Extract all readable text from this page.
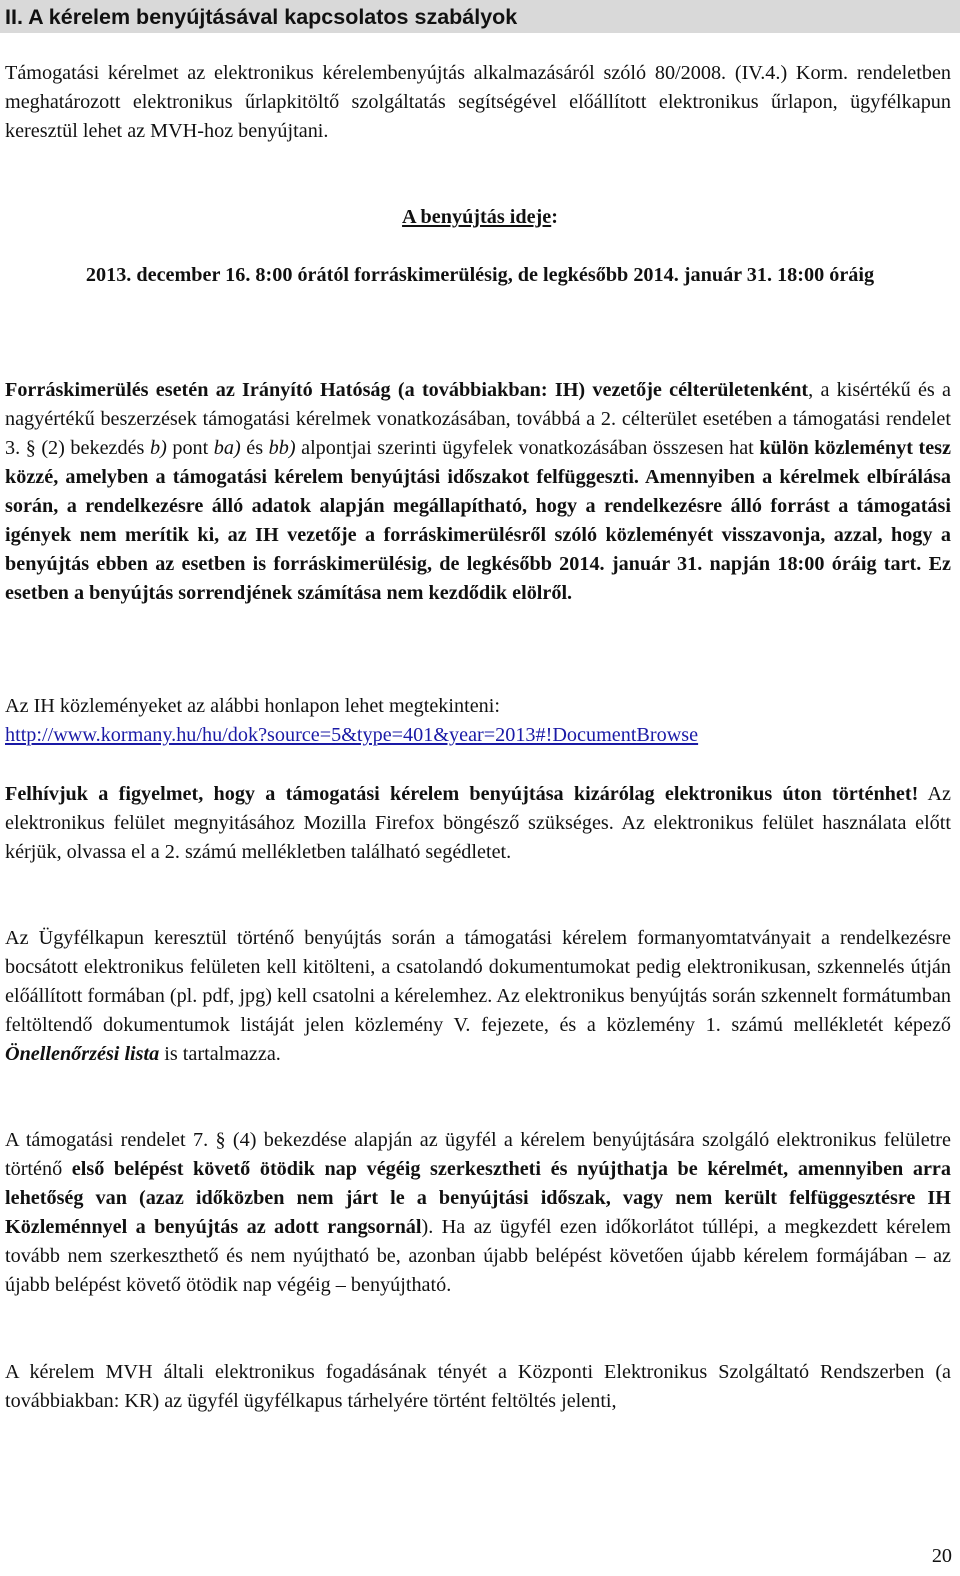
II. A kérelem benyújtásával kapcsolatos szabályok

Támogatási kérelmet az elektronikus kérelembenyújtás alkalmazásáról szóló 80/2008. (IV.4.) Korm. rendeletben meghatározott elektronikus űrlapkitöltő szolgáltatás segítségével előállított elektronikus űrlapon, ügyfélkapun keresztül lehet az MVH-hoz benyújtani.

A benyújtás ideje:

2013. december 16. 8:00 órától forráskimerülésig, de legkésőbb 2014. január 31. 18:00 óráig

Forráskimerülés esetén az Irányító Hatóság (a továbbiakban: IH) vezetője célterületenként, a kisértékű és a nagyértékű beszerzések támogatási kérelmek vonatkozásában, továbbá a 2. célterület esetében a támogatási rendelet 3. § (2) bekezdés b) pont ba) és bb) alpontjai szerinti ügyfelek vonatkozásában összesen hat külön közleményt tesz közzé, amelyben a támogatási kérelem benyújtási időszakot felfüggeszti. Amennyiben a kérelmek elbírálása során, a rendelkezésre álló adatok alapján megállapítható, hogy a rendelkezésre álló forrást a támogatási igények nem merítik ki, az IH vezetője a forráskimerülésről szóló közleményét visszavonja, azzal, hogy a benyújtás ebben az esetben is forráskimerülésig, de legkésőbb 2014. január 31. napján 18:00 óráig tart. Ez esetben a benyújtás sorrendjének számítása nem kezdődik elölről.

Az IH közleményeket az alábbi honlapon lehet megtekinteni:
http://www.kormany.hu/hu/dok?source=5&type=401&year=2013#!DocumentBrowse

Felhívjuk a figyelmet, hogy a támogatási kérelem benyújtása kizárólag elektronikus úton történhet! Az elektronikus felület megnyitásához Mozilla Firefox böngésző szükséges. Az elektronikus felület használata előtt kérjük, olvassa el a 2. számú mellékletben található segédletet.

Az Ügyfélkapun keresztül történő benyújtás során a támogatási kérelem formanyomtatványait a rendelkezésre bocsátott elektronikus felületen kell kitölteni, a csatolandó dokumentumokat pedig elektronikusan, szkennelés útján előállított formában (pl. pdf, jpg) kell csatolni a kérelemhez. Az elektronikus benyújtás során szkennelt formátumban feltöltendő dokumentumok listáját jelen közlemény V. fejezete, és a közlemény 1. számú mellékletét képező Önellenőrzési lista is tartalmazza.

A támogatási rendelet 7. § (4) bekezdése alapján az ügyfél a kérelem benyújtására szolgáló elektronikus felületre történő első belépést követő ötödik nap végéig szerkesztheti és nyújthatja be kérelmét, amennyiben arra lehetőség van (azaz időközben nem járt le a benyújtási időszak, vagy nem került felfüggesztésre IH Közleménnyel a benyújtás az adott rangsornál). Ha az ügyfél ezen időkorlátot túllépi, a megkezdett kérelem tovább nem szerkeszthető és nem nyújtható be, azonban újabb belépést követően újabb kérelem formájában – az újabb belépést követő ötödik nap végéig – benyújtható.

A kérelem MVH általi elektronikus fogadásának tényét a Központi Elektronikus Szolgáltató Rendszerben (a továbbiakban: KR) az ügyfél ügyfélkapus tárhelyére történt feltöltés jelenti,

20
